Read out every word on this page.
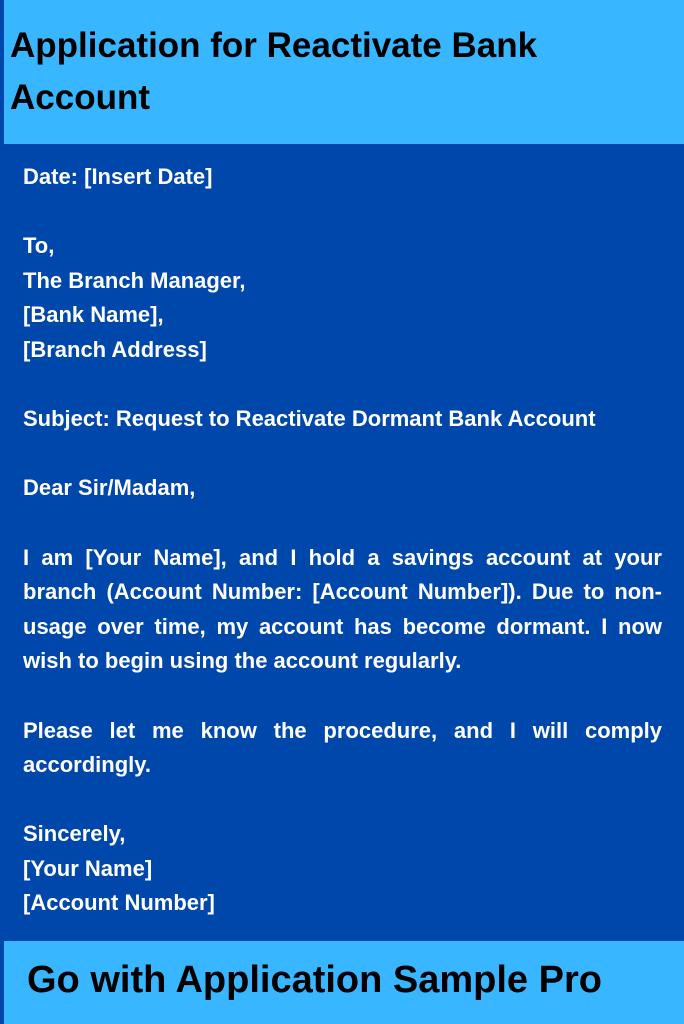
Application for Reactivate Bank Account
Date: [Insert Date]
To,
The Branch Manager,
[Bank Name],
[Branch Address]
Subject: Request to Reactivate Dormant Bank Account
Dear Sir/Madam,
I am [Your Name], and I hold a savings account at your branch (Account Number: [Account Number]). Due to non-usage over time, my account has become dormant. I now wish to begin using the account regularly.
Please let me know the procedure, and I will comply accordingly.
Sincerely,
[Your Name]
[Account Number]

Go with Application Sample Pro
